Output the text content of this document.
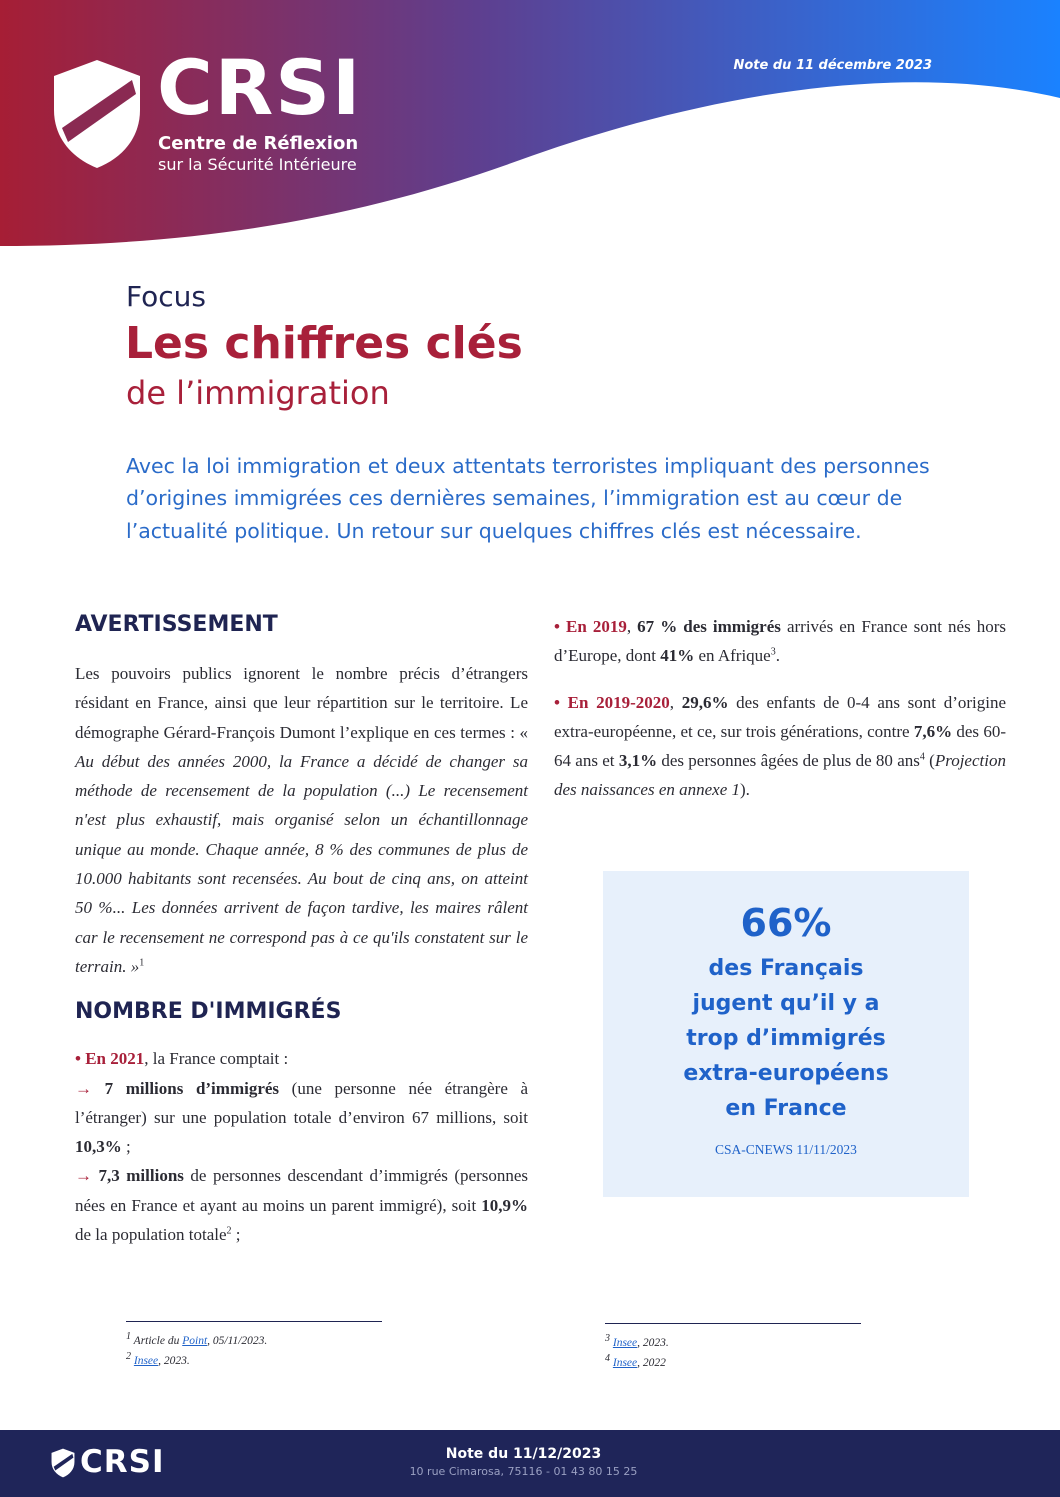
CRSI
Centre de Réflexion
sur la Sécurité Intérieure
Note du 11 décembre 2023
Focus
Les chiffres clés
de l’immigration
Avec la loi immigration et deux attentats terroristes impliquant des personnes d’origines immigrées ces dernières semaines, l’immigration est au cœur de l’actualité politique. Un retour sur quelques chiffres clés est nécessaire.
AVERTISSEMENT

Les pouvoirs publics ignorent le nombre précis d’étrangers résidant en France, ainsi que leur répartition sur le territoire. Le démographe Gérard-François Dumont l’explique en ces termes : « Au début des années 2000, la France a décidé de changer sa méthode de recensement de la population (...) Le recensement n'est plus exhaustif, mais organisé selon un échantillonnage unique au monde. Chaque année, 8 % des communes de plus de 10.000 habitants sont recensées. Au bout de cinq ans, on atteint 50 %... Les données arrivent de façon tardive, les maires râlent car le recensement ne correspond pas à ce qu'ils constatent sur le terrain. »$^1$

NOMBRE D'IMMIGRÉS

• En 2021, la France comptait :
→ 7 millions d’immigrés (une personne née étrangère à l’étranger) sur une population totale d’environ 67 millions, soit 10,3% ;
→ 7,3 millions de personnes descendant d’immigrés (personnes nées en France et ayant au moins un parent immigré), soit 10,9% de la population totale$^2$ ;

• En 2019, 67 % des immigrés arrivés en France sont nés hors d’Europe, dont 41% en Afrique$^3$.

• En 2019-2020, 29,6% des enfants de 0-4 ans sont d’origine extra-européenne, et ce, sur trois générations, contre 7,6% des 60-64 ans et 3,1% des personnes âgées de plus de 80 ans$^4$ (Projection des naissances en annexe 1).

66%
des Français
jugent qu’il y a
trop d’immigrés
extra-européens
en France
CSA-CNEWS 11/11/2023
$^1$ Article du Point, 05/11/2023.
$^2$ Insee, 2023.
$^3$ Insee, 2023.
$^4$ Insee, 2022
CRSI	Note du 11/12/2023
10 rue Cimarosa, 75116 - 01 43 80 15 25
